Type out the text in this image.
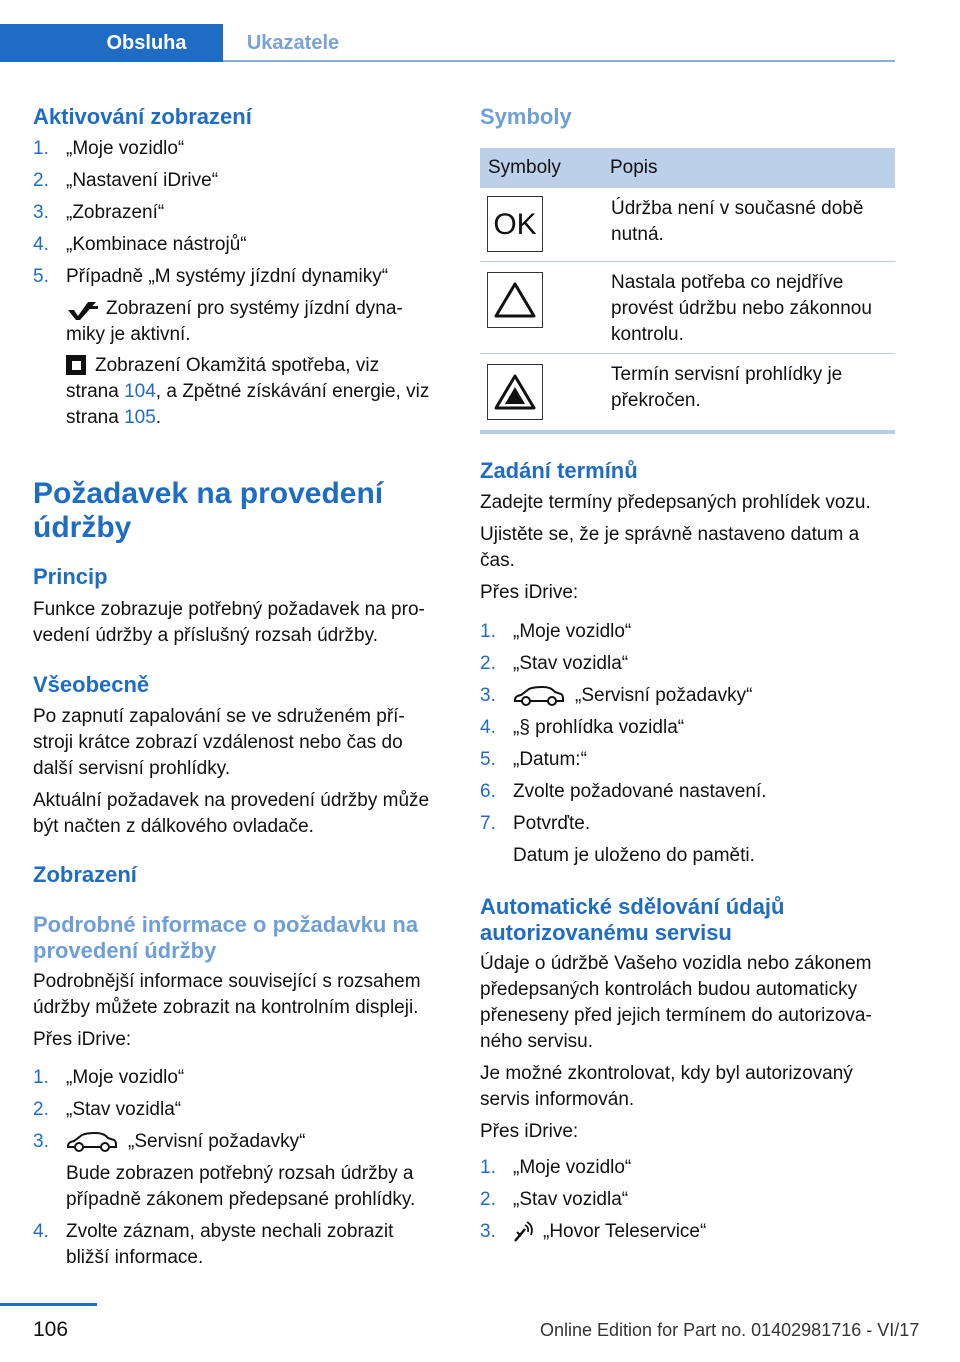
Obsluha	Ukazatele
Aktivování zobrazení
1. „Moje vozidlo“
2. „Nastavení iDrive“
3. „Zobrazení“
4. „Kombinace nástrojů“
5. Případně „M systémy jízdní dynamiky“

Zobrazení pro systémy jízdní dyna‐

miky je aktivní.

Zobrazení Okamžitá spotřeba, viz

strana 104, a Zpětné získávání energie, viz

strana 105.

Požadavek na provedení
údržby
Princip

Funkce zobrazuje potřebný požadavek na pro‐

vedení údržby a příslušný rozsah údržby.

Všeobecně

Po zapnutí zapalování se ve sdruženém pří‐

stroji krátce zobrazí vzdálenost nebo čas do

další servisní prohlídky.

Aktuální požadavek na provedení údržby může

být načten z dálkového ovladače.

Zobrazení
Podrobné informace o požadavku na
provedení údržby

Podrobnější informace související s rozsahem

údržby můžete zobrazit na kontrolním displeji.

Přes iDrive:

1. „Moje vozidlo“
2. „Stav vozidla“
3.	„Servisní požadavky“

Bude zobrazen potřebný rozsah údržby a

případně zákonem předepsané prohlídky.

4. Zvolte záznam, abyste nechali zobrazit

bližší informace.

Symboly
Symboly	Popis
OK	Údržba není v současné době

nutná.

Nastala potřeba co nejdříve

provést údržbu nebo zákonnou

kontrolu.

Termín servisní prohlídky je

překročen.

Zadání termínů

Zadejte termíny předepsaných prohlídek vozu.

Ujistěte se, že je správně nastaveno datum a

čas.

Přes iDrive:

1. „Moje vozidlo“
2. „Stav vozidla“
3.	„Servisní požadavky“
4. „§ prohlídka vozidla“
5. „Datum:“
6. Zvolte požadované nastavení.
7. Potvrďte.

Datum je uloženo do paměti.

Automatické sdělování údajů
autorizovanému servisu

Údaje o údržbě Vašeho vozidla nebo zákonem

předepsaných kontrolách budou automaticky

přeneseny před jejich termínem do autorizova‐

ného servisu.

Je možné zkontrolovat, kdy byl autorizovaný

servis informován.

Přes iDrive:

1. „Moje vozidlo“
2. „Stav vozidla“
3.	„Hovor Teleservice“
106	Online Edition for Part no. 01402981716 - VI/17
